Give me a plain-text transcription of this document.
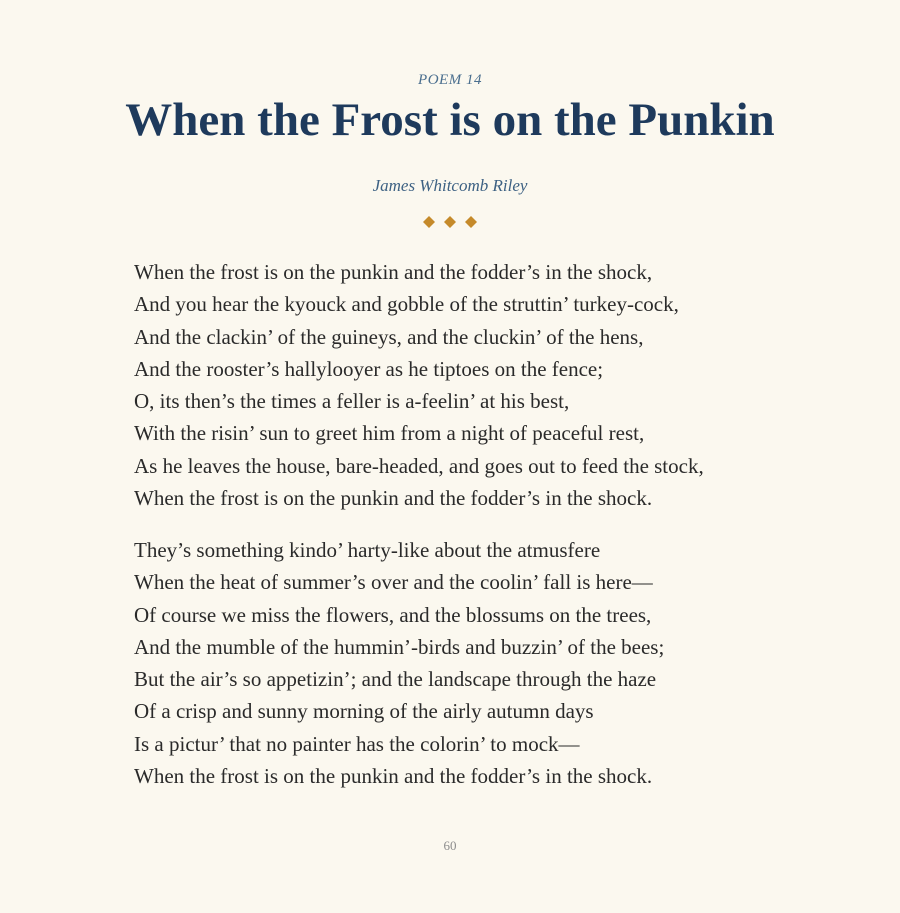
POEM 14
When the Frost is on the Punkin
James Whitcomb Riley
When the frost is on the punkin and the fodder’s in the shock,
And you hear the kyouck and gobble of the struttin’ turkey-cock,
And the clackin’ of the guineys, and the cluckin’ of the hens,
And the rooster’s hallylooyer as he tiptoes on the fence;
O, its then’s the times a feller is a-feelin’ at his best,
With the risin’ sun to greet him from a night of peaceful rest,
As he leaves the house, bare-headed, and goes out to feed the stock,
When the frost is on the punkin and the fodder’s in the shock.
They’s something kindo’ harty-like about the atmusfere
When the heat of summer’s over and the coolin’ fall is here—
Of course we miss the flowers, and the blossums on the trees,
And the mumble of the hummin’-birds and buzzin’ of the bees;
But the air’s so appetizin’; and the landscape through the haze
Of a crisp and sunny morning of the airly autumn days
Is a pictur’ that no painter has the colorin’ to mock—
When the frost is on the punkin and the fodder’s in the shock.
60
